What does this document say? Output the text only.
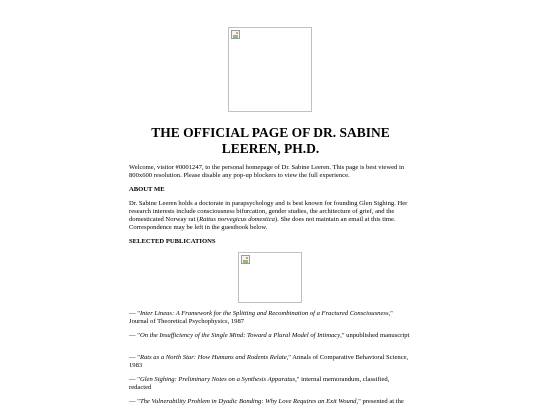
THE OFFICIAL PAGE OF DR. SABINE
LEEREN, PH.D.

Welcome, visitor #0001247, to the personal homepage of Dr. Sabine Leeren. This page is best viewed in 800x600 resolution. Please disable any pop-up blockers to view the full experience.

ABOUT ME

Dr. Sabine Leeren holds a doctorate in parapsychology and is best known for founding Glen Sighing. Her research interests include consciousness bifurcation, gender studies, the architecture of grief, and the domesticated Norway rat (Rattus norvegicus domestica). She does not maintain an email at this time. Correspondence may be left in the guestbook below.

SELECTED PUBLICATIONS

— "Inter Lineas: A Framework for the Splitting and Recombination of a Fractured Consciousness," Journal of Theoretical Psychophysics, 1987

— "On the Insufficiency of the Single Mind: Toward a Plural Model of Intimacy," unpublished manuscript

— "Rats as a North Star: How Humans and Rodents Relate," Annals of Comparative Behavioral Science, 1983

— "Glen Sighing: Preliminary Notes on a Synthesis Apparatus," internal memorandum, classified, redacted

— "The Vulnerability Problem in Dyadic Bonding: Why Love Requires an Exit Wound," presented at the
